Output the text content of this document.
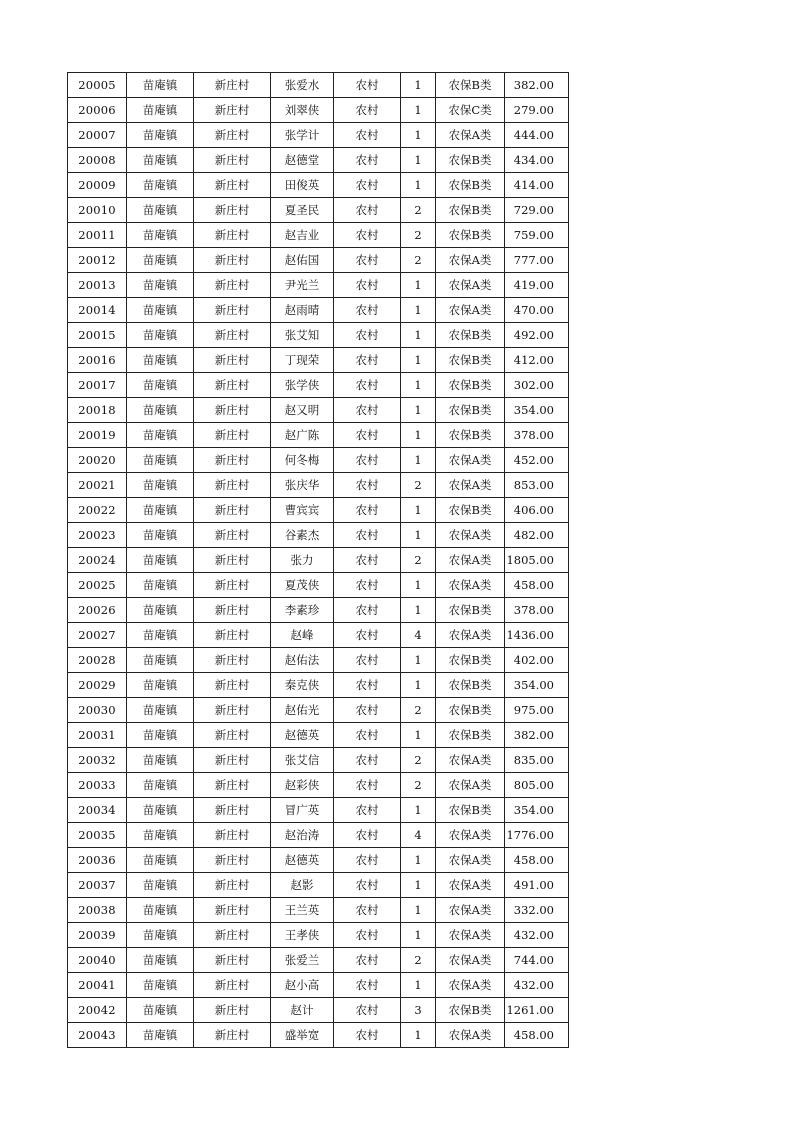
20005	苗庵镇	新庄村	张爱水	农村	1	农保B类	382.00
20006	苗庵镇	新庄村	刘翠侠	农村	1	农保C类	279.00
20007	苗庵镇	新庄村	张学计	农村	1	农保A类	444.00
20008	苗庵镇	新庄村	赵德堂	农村	1	农保B类	434.00
20009	苗庵镇	新庄村	田俊英	农村	1	农保B类	414.00
20010	苗庵镇	新庄村	夏圣民	农村	2	农保B类	729.00
20011	苗庵镇	新庄村	赵吉业	农村	2	农保B类	759.00
20012	苗庵镇	新庄村	赵佑国	农村	2	农保A类	777.00
20013	苗庵镇	新庄村	尹光兰	农村	1	农保A类	419.00
20014	苗庵镇	新庄村	赵雨晴	农村	1	农保A类	470.00
20015	苗庵镇	新庄村	张艾知	农村	1	农保B类	492.00
20016	苗庵镇	新庄村	丁现荣	农村	1	农保B类	412.00
20017	苗庵镇	新庄村	张学侠	农村	1	农保B类	302.00
20018	苗庵镇	新庄村	赵又明	农村	1	农保B类	354.00
20019	苗庵镇	新庄村	赵广陈	农村	1	农保B类	378.00
20020	苗庵镇	新庄村	何冬梅	农村	1	农保A类	452.00
20021	苗庵镇	新庄村	张庆华	农村	2	农保A类	853.00
20022	苗庵镇	新庄村	曹宾宾	农村	1	农保B类	406.00
20023	苗庵镇	新庄村	谷素杰	农村	1	农保A类	482.00
20024	苗庵镇	新庄村	张力	农村	2	农保A类	1805.00
20025	苗庵镇	新庄村	夏茂侠	农村	1	农保A类	458.00
20026	苗庵镇	新庄村	李素珍	农村	1	农保B类	378.00
20027	苗庵镇	新庄村	赵峰	农村	4	农保A类	1436.00
20028	苗庵镇	新庄村	赵佑法	农村	1	农保B类	402.00
20029	苗庵镇	新庄村	秦克侠	农村	1	农保B类	354.00
20030	苗庵镇	新庄村	赵佑光	农村	2	农保B类	975.00
20031	苗庵镇	新庄村	赵德英	农村	1	农保B类	382.00
20032	苗庵镇	新庄村	张艾信	农村	2	农保A类	835.00
20033	苗庵镇	新庄村	赵彩侠	农村	2	农保A类	805.00
20034	苗庵镇	新庄村	冒广英	农村	1	农保B类	354.00
20035	苗庵镇	新庄村	赵治涛	农村	4	农保A类	1776.00
20036	苗庵镇	新庄村	赵德英	农村	1	农保A类	458.00
20037	苗庵镇	新庄村	赵影	农村	1	农保A类	491.00
20038	苗庵镇	新庄村	王兰英	农村	1	农保A类	332.00
20039	苗庵镇	新庄村	王孝侠	农村	1	农保A类	432.00
20040	苗庵镇	新庄村	张爱兰	农村	2	农保A类	744.00
20041	苗庵镇	新庄村	赵小高	农村	1	农保A类	432.00
20042	苗庵镇	新庄村	赵计	农村	3	农保B类	1261.00
20043	苗庵镇	新庄村	盛举宽	农村	1	农保A类	458.00
